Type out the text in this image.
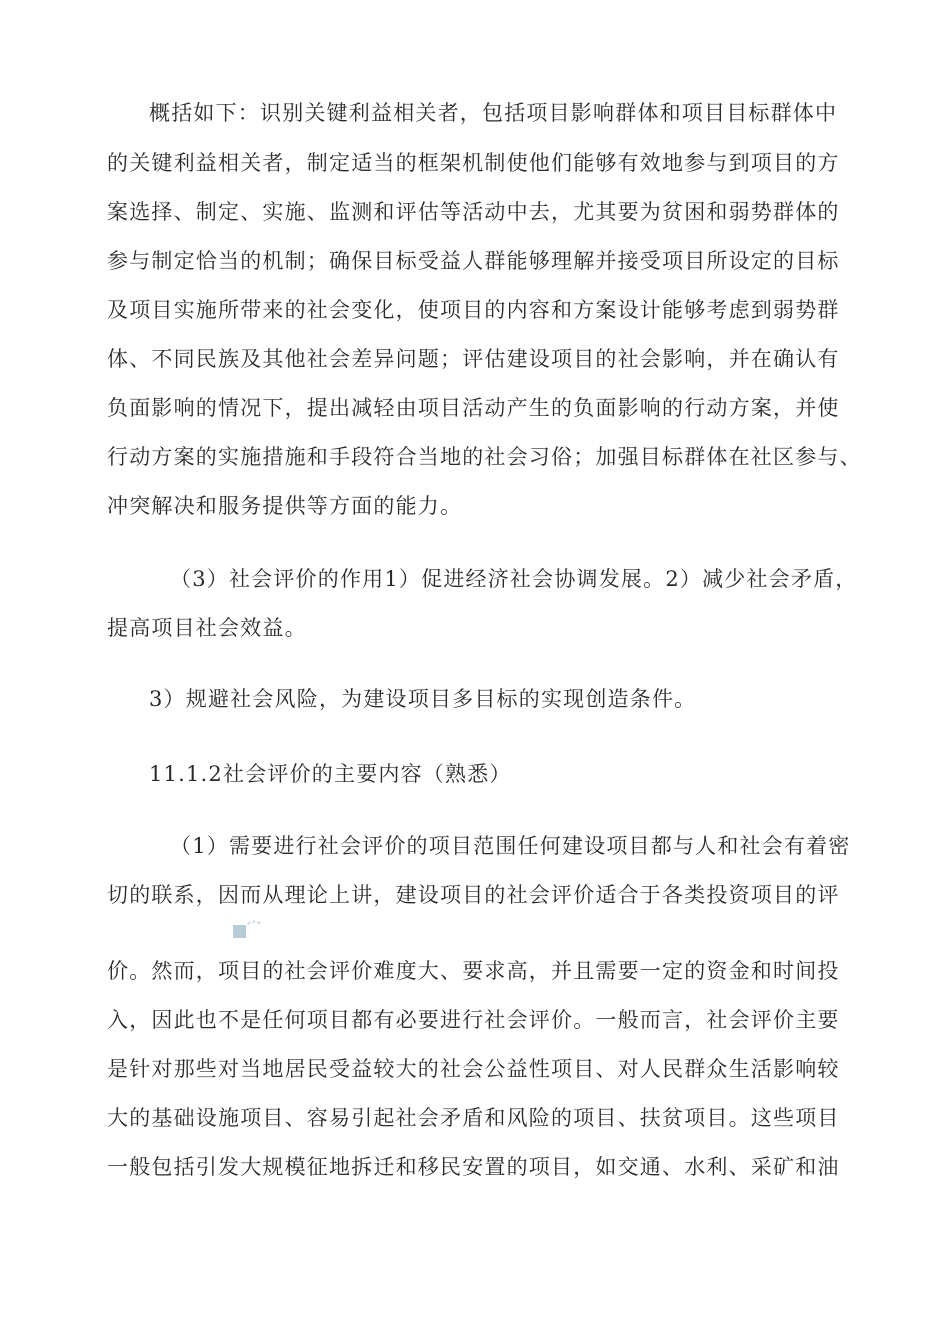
概括如下：识别关键利益相关者，包括项目影响群体和项目目标群体中
的关键利益相关者，制定适当的框架机制使他们能够有效地参与到项目的方
案选择、制定、实施、监测和评估等活动中去，尤其要为贫困和弱势群体的
参与制定恰当的机制；确保目标受益人群能够理解并接受项目所设定的目标
及项目实施所带来的社会变化，使项目的内容和方案设计能够考虑到弱势群
体、不同民族及其他社会差异问题；评估建设项目的社会影响，并在确认有
负面影响的情况下，提出减轻由项目活动产生的负面影响的行动方案，并使
行动方案的实施措施和手段符合当地的社会习俗；加强目标群体在社区参与、
冲突解决和服务提供等方面的能力。
（3）社会评价的作用1）促进经济社会协调发展。2）减少社会矛盾，
提高项目社会效益。
3）规避社会风险，为建设项目多目标的实现创造条件。
11.1.2社会评价的主要内容（熟悉）
（1）需要进行社会评价的项目范围任何建设项目都与人和社会有着密
切的联系，因而从理论上讲，建设项目的社会评价适合于各类投资项目的评
宀
价。然而，项目的社会评价难度大、要求高，并且需要一定的资金和时间投
入，因此也不是任何项目都有必要进行社会评价。一般而言，社会评价主要
是针对那些对当地居民受益较大的社会公益性项目、对人民群众生活影响较
大的基础设施项目、容易引起社会矛盾和风险的项目、扶贫项目。这些项目
一般包括引发大规模征地拆迁和移民安置的项目，如交通、水利、采矿和油
